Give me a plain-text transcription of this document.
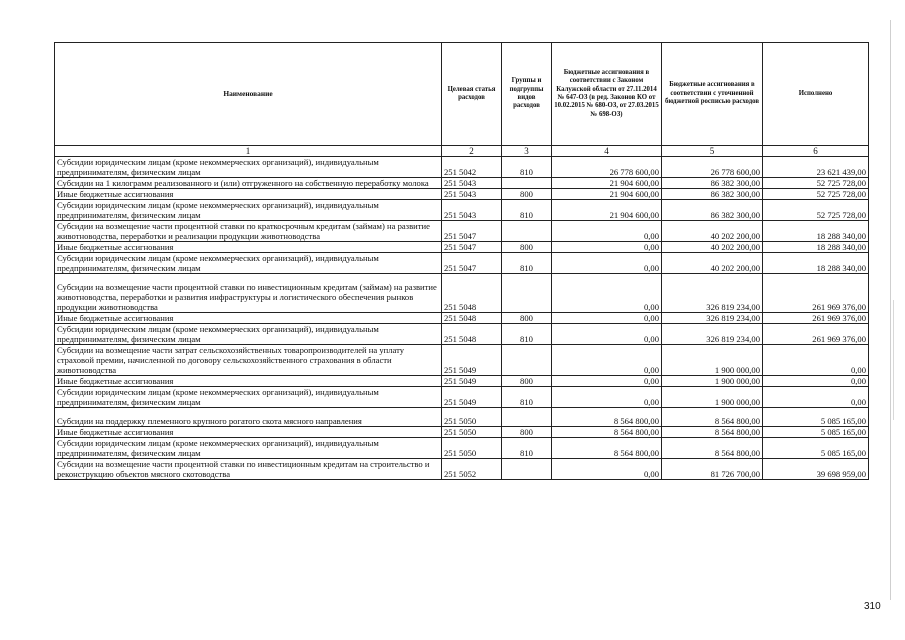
Наименование	Целевая статья расходов	Группы и подгруппы видов расходов	Бюджетные ассигнования в соответствии с Законом Калужской области от 27.11.2014 № 647-ОЗ (в ред. Законов КО от 10.02.2015 № 680-ОЗ, от 27.03.2015 № 698-ОЗ)	Бюджетные ассигнования в соответствии с уточненной бюджетной росписью расходов	Исполнено
1	2	3	4	5	6
Субсидии юридическим лицам (кроме некоммерческих организаций), индивидуальным предпринимателям, физическим лицам	251 5042	810	26 778 600,00	26 778 600,00	23 621 439,00
Субсидии на 1 килограмм реализованного и (или) отгруженного на собственную переработку молока	251 5043		21 904 600,00	86 382 300,00	52 725 728,00
Иные бюджетные ассигнования	251 5043	800	21 904 600,00	86 382 300,00	52 725 728,00
Субсидии юридическим лицам (кроме некоммерческих организаций), индивидуальным предпринимателям, физическим лицам	251 5043	810	21 904 600,00	86 382 300,00	52 725 728,00
Субсидии на возмещение части процентной ставки по краткосрочным кредитам (займам) на развитие животноводства, переработки и реализации продукции животноводства	251 5047		0,00	40 202 200,00	18 288 340,00
Иные бюджетные ассигнования	251 5047	800	0,00	40 202 200,00	18 288 340,00
Субсидии юридическим лицам (кроме некоммерческих организаций), индивидуальным предпринимателям, физическим лицам	251 5047	810	0,00	40 202 200,00	18 288 340,00
Субсидии на возмещение части процентной ставки по инвестиционным кредитам (займам) на развитие животноводства, переработки и развития инфраструктуры и логистического обеспечения рынков продукции животноводства	251 5048		0,00	326 819 234,00	261 969 376,00
Иные бюджетные ассигнования	251 5048	800	0,00	326 819 234,00	261 969 376,00
Субсидии юридическим лицам (кроме некоммерческих организаций), индивидуальным предпринимателям, физическим лицам	251 5048	810	0,00	326 819 234,00	261 969 376,00
Субсидии на возмещение части затрат сельскохозяйственных товаропроизводителей на уплату страховой премии, начисленной по договору сельскохозяйственного страхования в области животноводства	251 5049		0,00	1 900 000,00	0,00
Иные бюджетные ассигнования	251 5049	800	0,00	1 900 000,00	0,00
Субсидии юридическим лицам (кроме некоммерческих организаций), индивидуальным предпринимателям, физическим лицам	251 5049	810	0,00	1 900 000,00	0,00
Субсидии на поддержку племенного крупного рогатого скота мясного направления	251 5050		8 564 800,00	8 564 800,00	5 085 165,00
Иные бюджетные ассигнования	251 5050	800	8 564 800,00	8 564 800,00	5 085 165,00
Субсидии юридическим лицам (кроме некоммерческих организаций), индивидуальным предпринимателям, физическим лицам	251 5050	810	8 564 800,00	8 564 800,00	5 085 165,00
Субсидии на возмещение части процентной ставки по инвестиционным кредитам на строительство и реконструкцию объектов мясного скотоводства	251 5052		0,00	81 726 700,00	39 698 959,00
310
